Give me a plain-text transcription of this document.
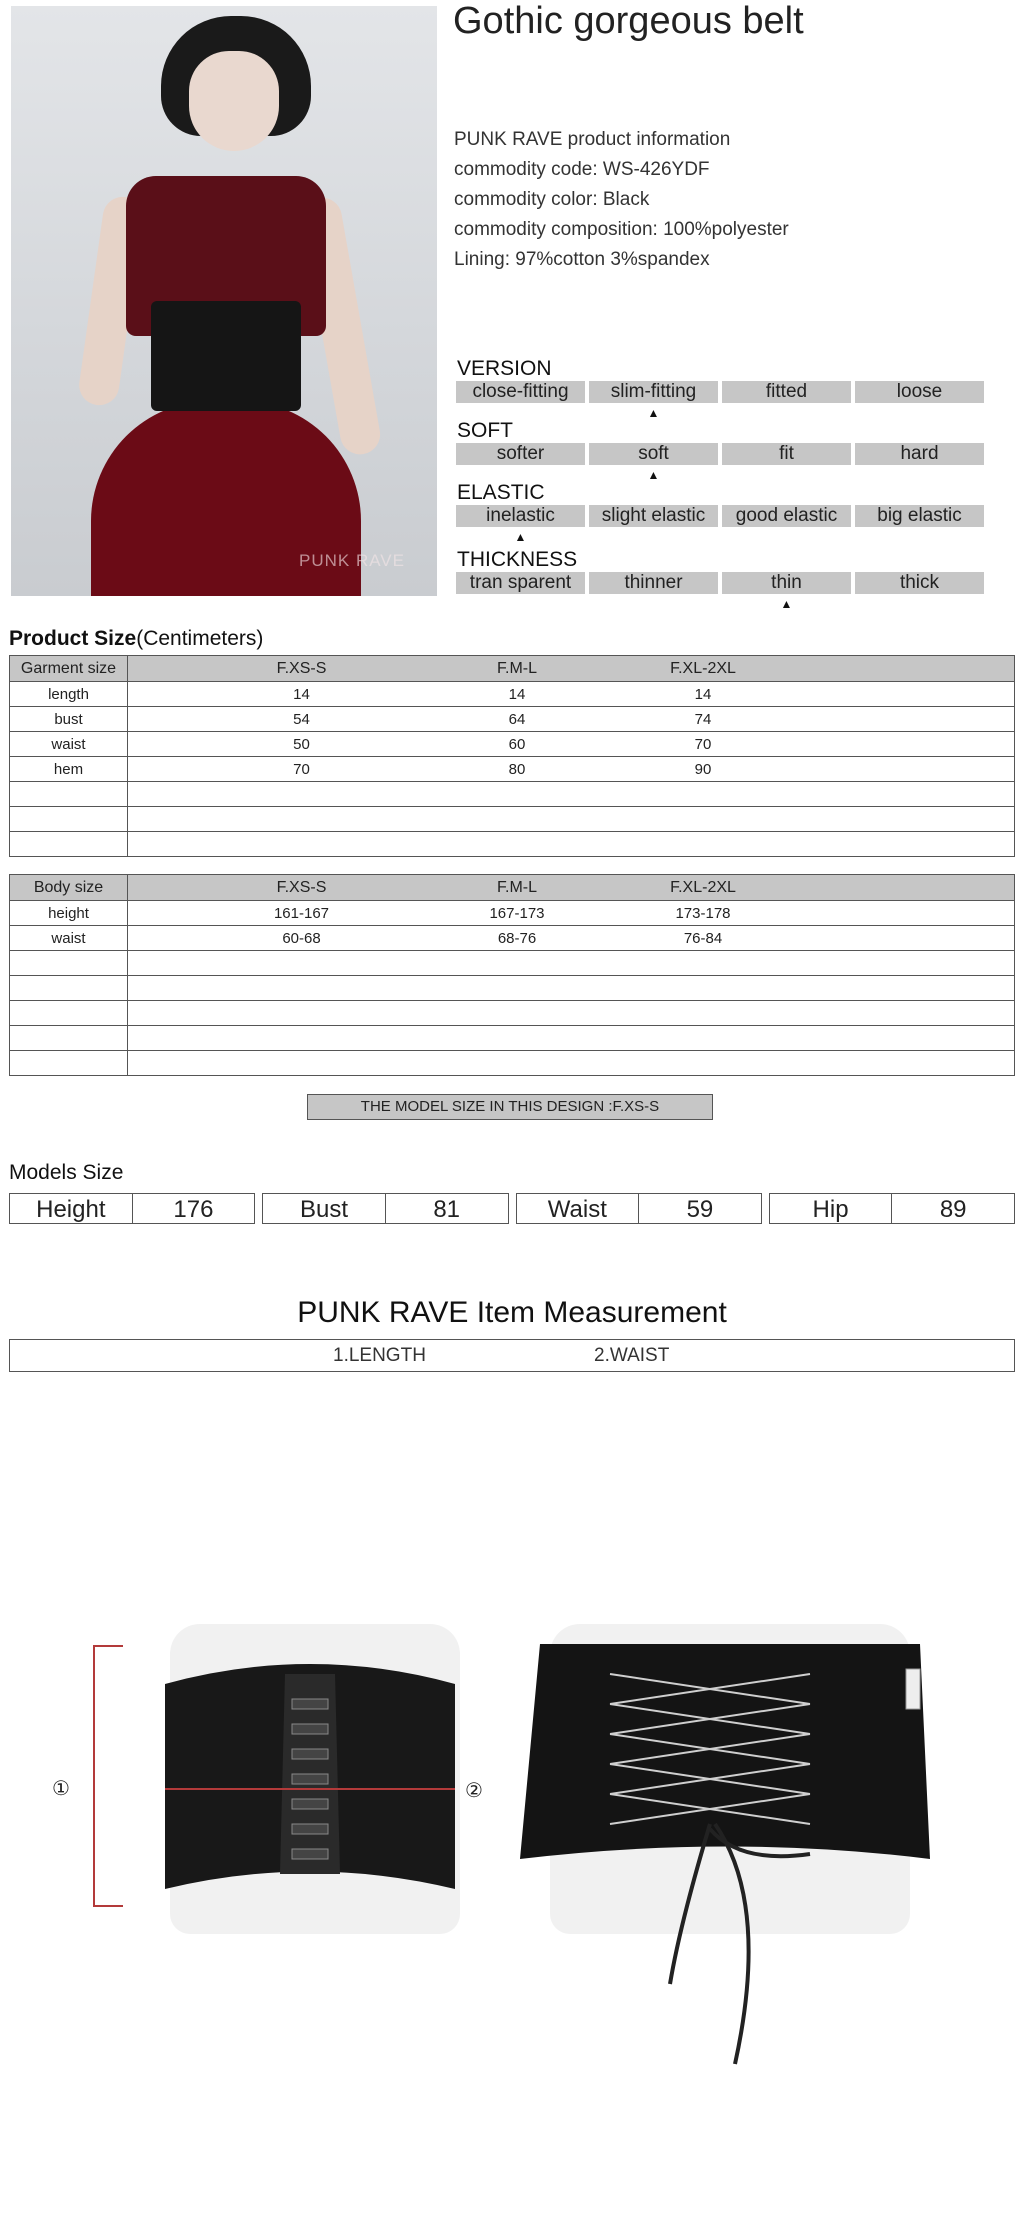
PUNK RAVE
Gothic gorgeous belt
PUNK RAVE product information
commodity code: WS-426YDF
commodity color: Black
commodity composition: 100%polyester
Lining: 97%cotton 3%spandex
VERSION
close-fitting	slim-fitting	fitted	loose
▲
SOFT
softer	soft	fit	hard
▲
ELASTIC
inelastic	slight elastic	good elastic	big elastic
▲
THICKNESS
tran sparent	thinner	thin	thick
▲
Product Size(Centimeters)
Garment size	F.XS-S F.M-L F.XL-2XL

length	14 14 14

bust	54 64 74

waist	50 60 70

hem	70 80 90

Body size	F.XS-S F.M-L F.XL-2XL

height	161-167 167-173 173-178

waist	60-68 68-76 76-84

THE MODEL SIZE IN THIS DESIGN :F.XS-S
Models Size
Height	176	Bust	81	Waist	59	Hip	89
PUNK RAVE Item Measurement
1.LENGTH	2.WAIST
①	②
